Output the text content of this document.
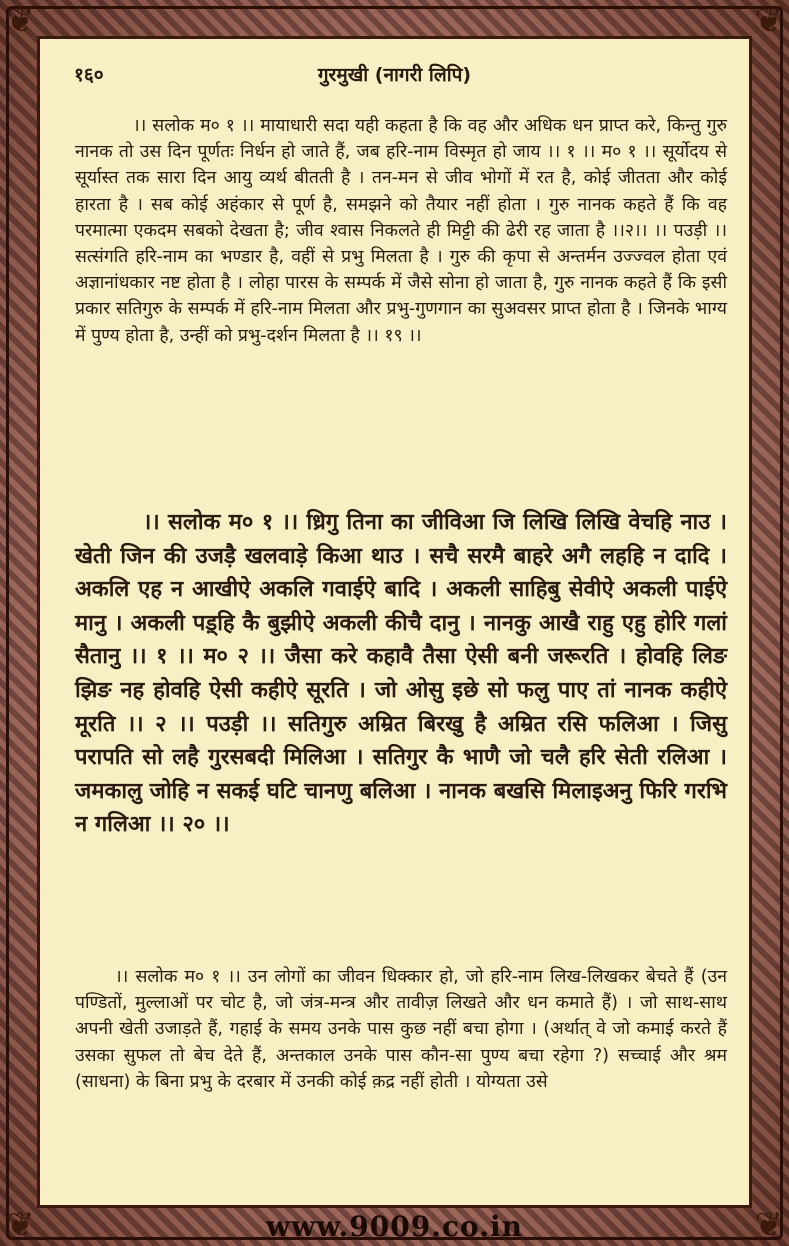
❦	❦
❦	❦
१६०	गुरमुखी (नागरी लिपि)

।। सलोक म० १ ।। मायाधारी सदा यही कहता है कि वह और अधिक धन प्राप्त करे, किन्तु गुरु नानक तो उस दिन पूर्णतः निर्धन हो जाते हैं, जब हरि-नाम विस्मृत हो जाय ।। १ ।। म० १ ।। सूर्योदय से सूर्यास्त तक सारा दिन आयु व्यर्थ बीतती है । तन-मन से जीव भोगों में रत है, कोई जीतता और कोई हारता है । सब कोई अहंकार से पूर्ण है, समझने को तैयार नहीं होता । गुरु नानक कहते हैं कि वह परमात्मा एकदम सबको देखता है; जीव श्वास निकलते ही मिट्टी की ढेरी रह जाता है ।।२।। ।। पउड़ी ।। सत्संगति हरि-नाम का भण्डार है, वहीं से प्रभु मिलता है । गुरु की कृपा से अन्तर्मन उज्ज्वल होता एवं अज्ञानांधकार नष्ट होता है । लोहा पारस के सम्पर्क में जैसे सोना हो जाता है, गुरु नानक कहते हैं कि इसी प्रकार सतिगुरु के सम्पर्क में हरि-नाम मिलता और प्रभु-गुणगान का सुअवसर प्राप्त होता है । जिनके भाग्य में पुण्य होता है, उन्हीं को प्रभु-दर्शन मिलता है ।। १९ ।।

।। सलोक म० १ ।। ध्रिगु तिना का जीविआ जि लिखि लिखि वेचहि नाउ । खेती जिन की उजड़ै खलवाड़े किआ थाउ । सचै सरमै बाहरे अगै लहहि न दादि । अकलि एह न आखीऐ अकलि गवाईऐ बादि । अकली साहिबु सेवीऐ अकली पाईऐ मानु । अकली पड़्हि कै बुझीऐ अकली कीचै दानु । नानकु आखै राहु एहु होरि गलां सैतानु ।। १ ।। म० २ ।। जैसा करे कहावै तैसा ऐसी बनी जरूरति । होवहि लिङ झिङ नह होवहि ऐसी कहीऐ सूरति । जो ओसु इछे सो फलु पाए तां नानक कहीऐ मूरति ।। २ ।। पउड़ी ।। सतिगुरु अम्रित बिरखु है अम्रित रसि फलिआ । जिसु परापति सो लहै गुरसबदी मिलिआ । सतिगुर कै भाणै जो चलै हरि सेती रलिआ । जमकालु जोहि न सकई घटि चानणु बलिआ । नानक बखसि मिलाइअनु फिरि गरभि न गलिआ ।। २० ।।

।। सलोक म० १ ।। उन लोगों का जीवन धिक्कार हो, जो हरि-नाम लिख-लिखकर बेचते हैं (उन पण्डितों, मुल्लाओं पर चोट है, जो जंत्र-मन्त्र और तावीज़ लिखते और धन कमाते हैं) । जो साथ-साथ अपनी खेती उजाड़ते हैं, गहाई के समय उनके पास कुछ नहीं बचा होगा । (अर्थात् वे जो कमाई करते हैं उसका सुफल तो बेच देते हैं, अन्तकाल उनके पास कौन-सा पुण्य बचा रहेगा ?) सच्चाई और श्रम (साधना) के बिना प्रभु के दरबार में उनकी कोई क़द्र नहीं होती । योग्यता उसे

www.9009.co.in
